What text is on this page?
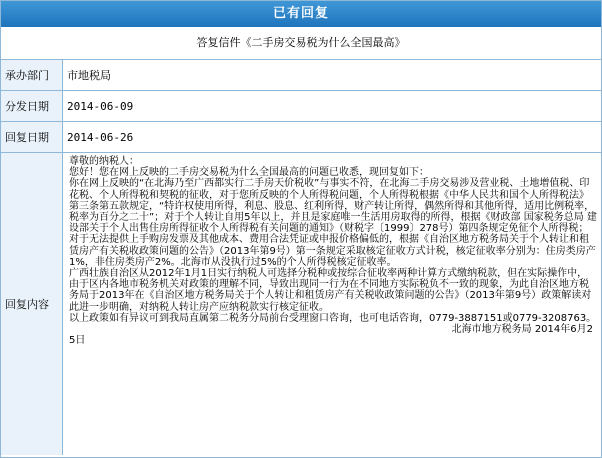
已有回复
答复信件《二手房交易税为什么全国最高》
承办部门	市地税局
分发日期	2014-06-09
回复日期	2014-06-26
回复内容

尊敬的纳税人：

您好！您在网上反映的二手房交易税为什么全国最高的问题已收悉，现回复如下：

你在网上反映的“在北海乃至广西都实行二手房天价税收”与事实不符，在北海二手房交易涉及营业税、土地增值税、印花税、个人所得税和契税的征收，对于您所反映的个人所得税问题，个人所得税根据《中华人民共和国个人所得税法》第三条第五款规定，“特许权使用所得，利息、股息、红利所得，财产转让所得，偶然所得和其他所得，适用比例税率，税率为百分之二十”；对于个人转让自用5年以上，并且是家庭唯一生活用房取得的所得，根据《财政部 国家税务总局 建设部关于个人出售住房所得征收个人所得税有关问题的通知》（财税字〔1999〕278号）第四条规定免征个人所得税；对于无法提供上手购房发票及其他成本、费用合法凭证或申报价格偏低的，根据《自治区地方税务局关于个人转让和租赁房产有关税收政策问题的公告》（2013年第9号）第一条规定采取核定征收方式计税，核定征收率分别为：住房类房产1%，非住房类房产2%。北海市从没执行过5%的个人所得税核定征收率。

广西壮族自治区从2012年1月1日实行纳税人可选择分税种或按综合征收率两种计算方式缴纳税款，但在实际操作中，由于区内各地市税务机关对政策的理解不同，导致出现同一行为在不同地方实际税负不一致的现象，为此自治区地方税务局于2013年在《自治区地方税务局关于个人转让和租赁房产有关税收政策问题的公告》（2013年第9号）政策解读对此进一步明确，对纳税人转让房产应纳税款实行核定征收。

以上政策如有异议可到我局直属第二税务分局前台受理窗口咨询，也可电话咨询，0779-3887151或0779-3208763。

北海市地方税务局 2014年6月2

5日
